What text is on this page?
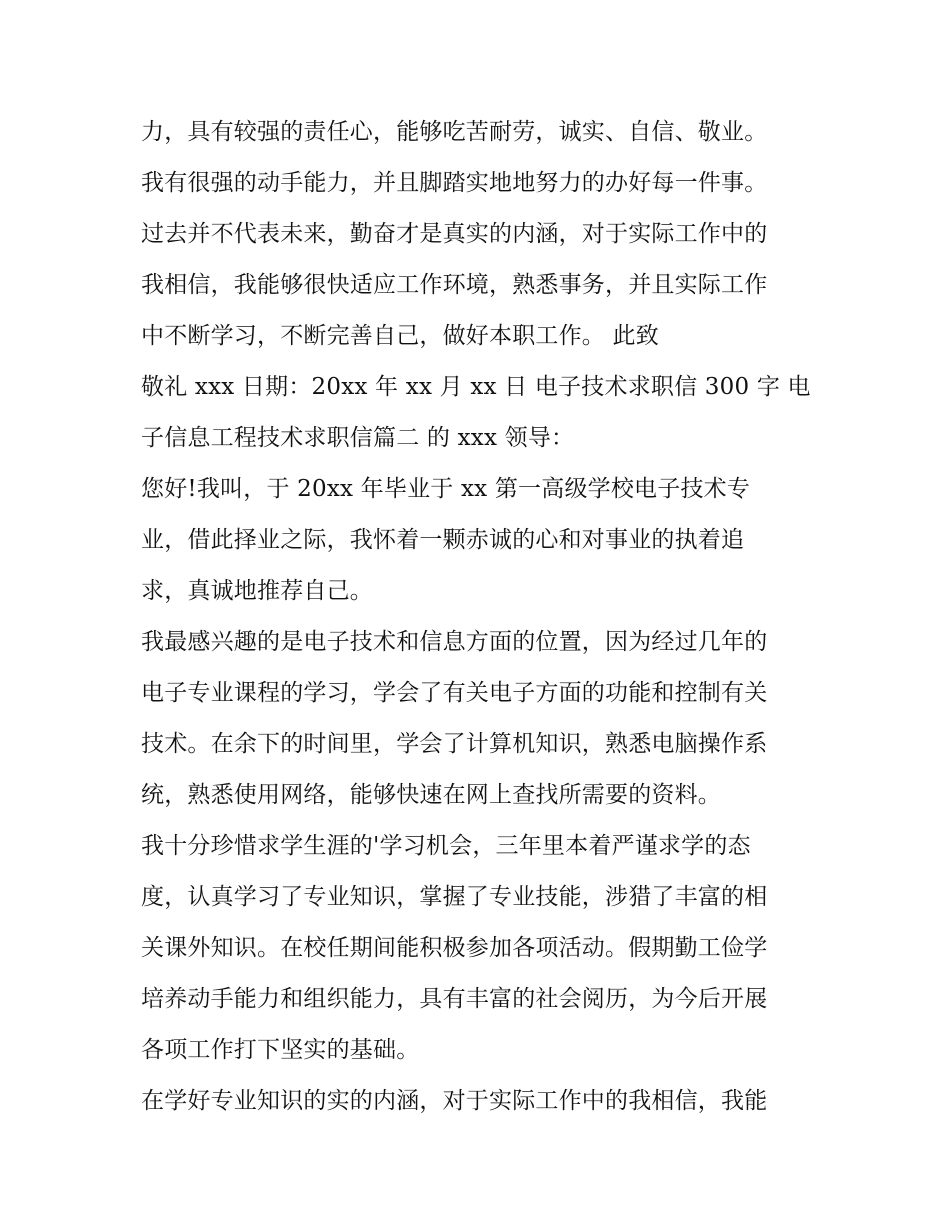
力，具有较强的责任心，能够吃苦耐劳，诚实、自信、敬业。
我有很强的动手能力，并且脚踏实地地努力的办好每一件事。
过去并不代表未来，勤奋才是真实的内涵，对于实际工作中的
我相信，我能够很快适应工作环境，熟悉事务，并且实际工作
中不断学习，不断完善自己，做好本职工作。 此致
敬礼 xxx 日期：20xx 年 xx 月 xx 日 电子技术求职信 300 字 电
子信息工程技术求职信篇二 的 xxx 领导：
您好!我叫，于 20xx 年毕业于 xx 第一高级学校电子技术专
业，借此择业之际，我怀着一颗赤诚的心和对事业的执着追
求，真诚地推荐自己。
我最感兴趣的是电子技术和信息方面的位置，因为经过几年的
电子专业课程的学习，学会了有关电子方面的功能和控制有关
技术。在余下的时间里，学会了计算机知识，熟悉电脑操作系
统，熟悉使用网络，能够快速在网上查找所需要的资料。
我十分珍惜求学生涯的'学习机会，三年里本着严谨求学的态
度，认真学习了专业知识，掌握了专业技能，涉猎了丰富的相
关课外知识。在校任期间能积极参加各项活动。假期勤工俭学
培养动手能力和组织能力，具有丰富的社会阅历，为今后开展
各项工作打下坚实的基础。
在学好专业知识的实的内涵，对于实际工作中的我相信，我能
